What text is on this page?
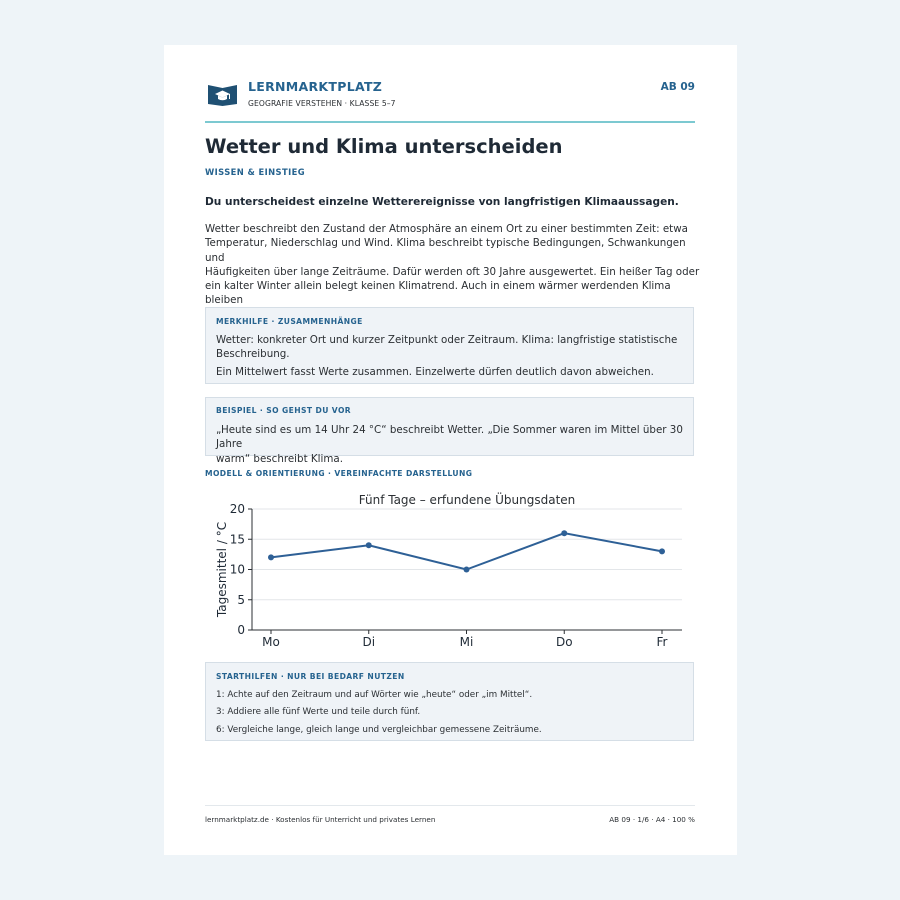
LERNMARKTPLATZ
GEOGRAFIE VERSTEHEN · KLASSE 5–7
AB 09
Wetter und Klima unterscheiden
WISSEN & EINSTIEG
Du unterscheidest einzelne Wetterereignisse von langfristigen Klimaaussagen.
Wetter beschreibt den Zustand der Atmosphäre an einem Ort zu einer bestimmten Zeit: etwa
Temperatur, Niederschlag und Wind. Klima beschreibt typische Bedingungen, Schwankungen und
Häufigkeiten über lange Zeiträume. Dafür werden oft 30 Jahre ausgewertet. Ein heißer Tag oder
ein kalter Winter allein belegt keinen Klimatrend. Auch in einem wärmer werdenden Klima bleiben
MERKHILFE · ZUSAMMENHÄNGE
Wetter: konkreter Ort und kurzer Zeitpunkt oder Zeitraum. Klima: langfristige statistische
Beschreibung.
Ein Mittelwert fasst Werte zusammen. Einzelwerte dürfen deutlich davon abweichen.
BEISPIEL · SO GEHST DU VOR
„Heute sind es um 14 Uhr 24 °C“ beschreibt Wetter. „Die Sommer waren im Mittel über 30 Jahre
warm“ beschreibt Klima.
MODELL & ORIENTIERUNG · VEREINFACHTE DARSTELLUNG
Fünf Tage – erfundene Übungsdaten
0
5
10
15
20
Tagesmittel / °C
Mo	Di	Mi	Do	Fr
STARTHILFEN · NUR BEI BEDARF NUTZEN
1: Achte auf den Zeitraum und auf Wörter wie „heute“ oder „im Mittel“.
3: Addiere alle fünf Werte und teile durch fünf.
6: Vergleiche lange, gleich lange und vergleichbar gemessene Zeiträume.
lernmarktplatz.de · Kostenlos für Unterricht und privates Lernen	AB 09 · 1/6 · A4 · 100 %
